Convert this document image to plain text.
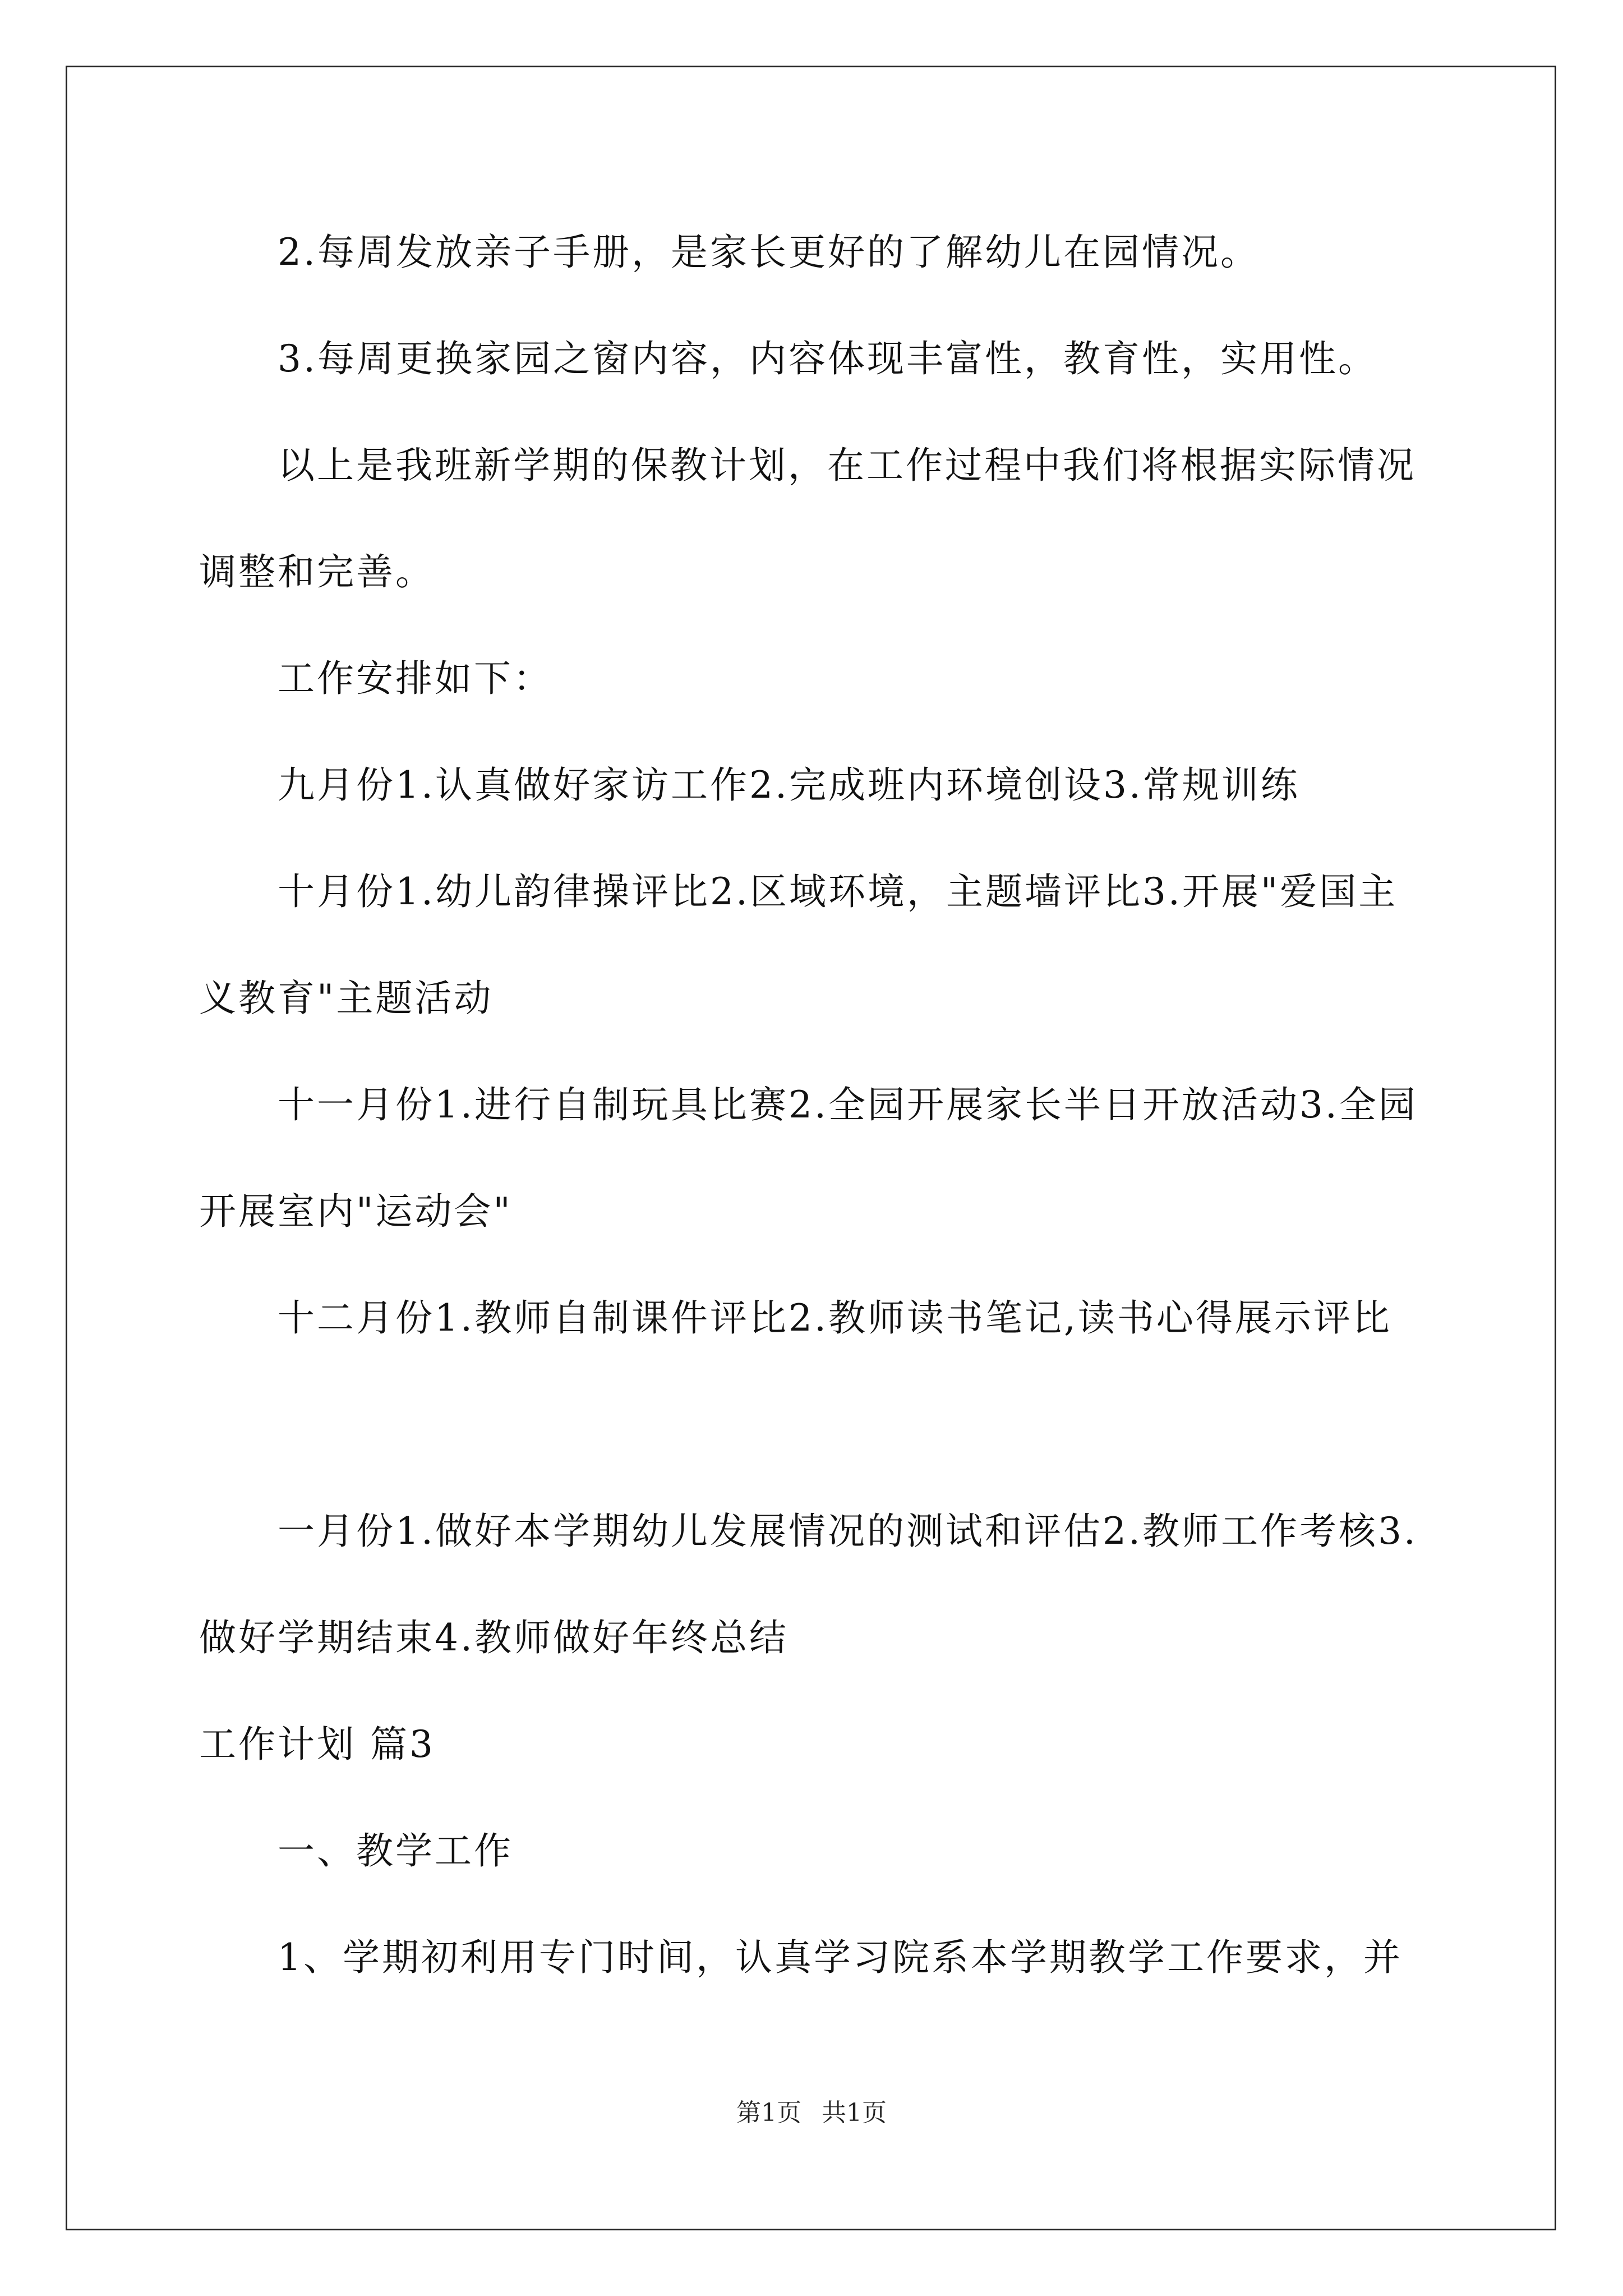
2.每周发放亲子手册，是家长更好的了解幼儿在园情况。

3.每周更换家园之窗内容，内容体现丰富性，教育性，实用性。

以上是我班新学期的保教计划，在工作过程中我们将根据实际情况调整和完善。

工作安排如下：

九月份1.认真做好家访工作2.完成班内环境创设3.常规训练

十月份1.幼儿韵律操评比2.区域环境，主题墙评比3.开展"爱国主义教育"主题活动

十一月份1.进行自制玩具比赛2.全园开展家长半日开放活动3.全园开展室内"运动会"

十二月份1.教师自制课件评比2.教师读书笔记,读书心得展示评比

一月份1.做好本学期幼儿发展情况的测试和评估2.教师工作考核3.做好学期结束4.教师做好年终总结

工作计划 篇3

一、教学工作

1、学期初利用专门时间，认真学习院系本学期教学工作要求，并

第1页 共1页
